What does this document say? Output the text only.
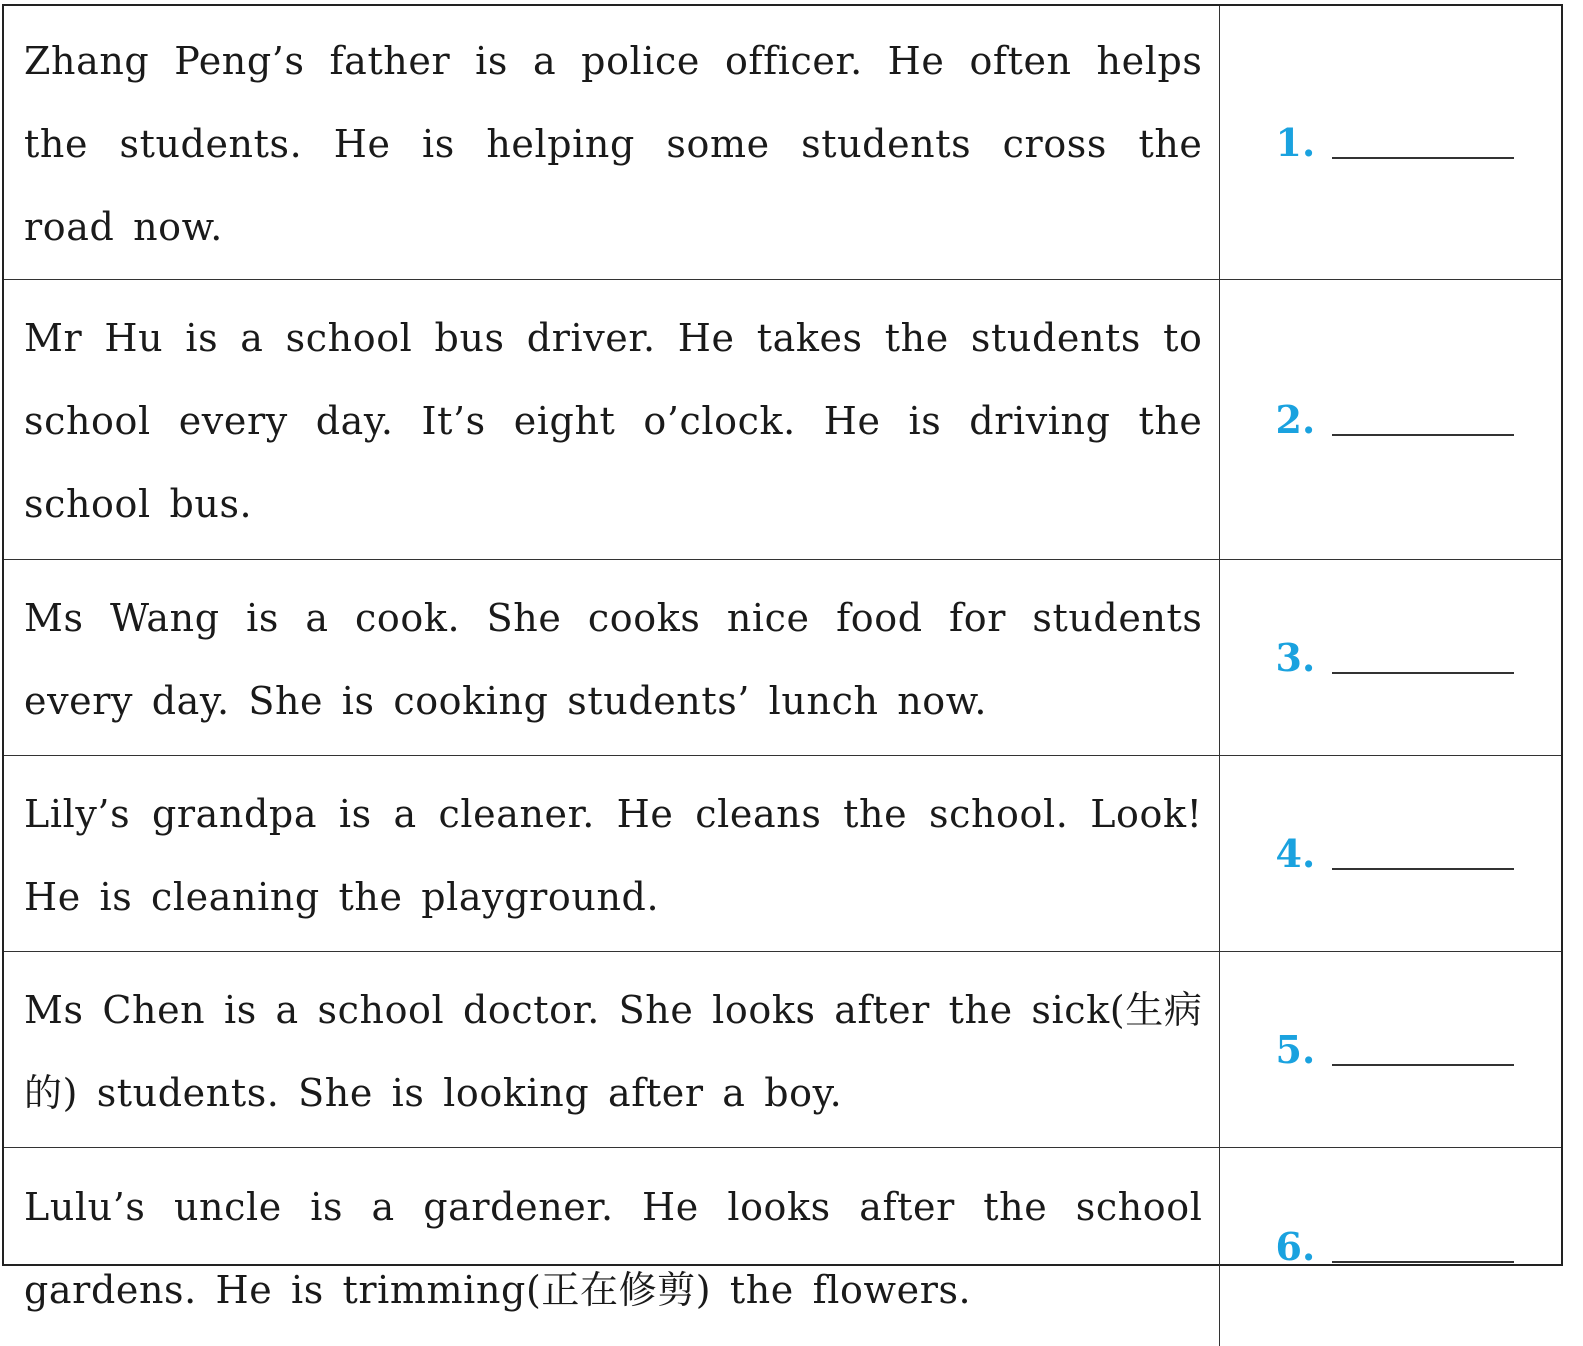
Zhang Peng’s father is a police officer. He often helps the students. He is helping some students cross the road now.	1.

Mr Hu is a school bus driver. He takes the students to school every day. It’s eight o’clock. He is driving the school bus.	2.

Ms Wang is a cook. She cooks nice food for students every day. She is cooking students’ lunch now.	3.

Lily’s grandpa is a cleaner. He cleans the school. Look! He is cleaning the playground.	4.

Ms Chen is a school doctor. She looks after the sick(生病的) students. She is looking after a boy.	5.

Lulu’s uncle is a gardener. He looks after the school gardens. He is trimming(正在修剪) the flowers.	6.
